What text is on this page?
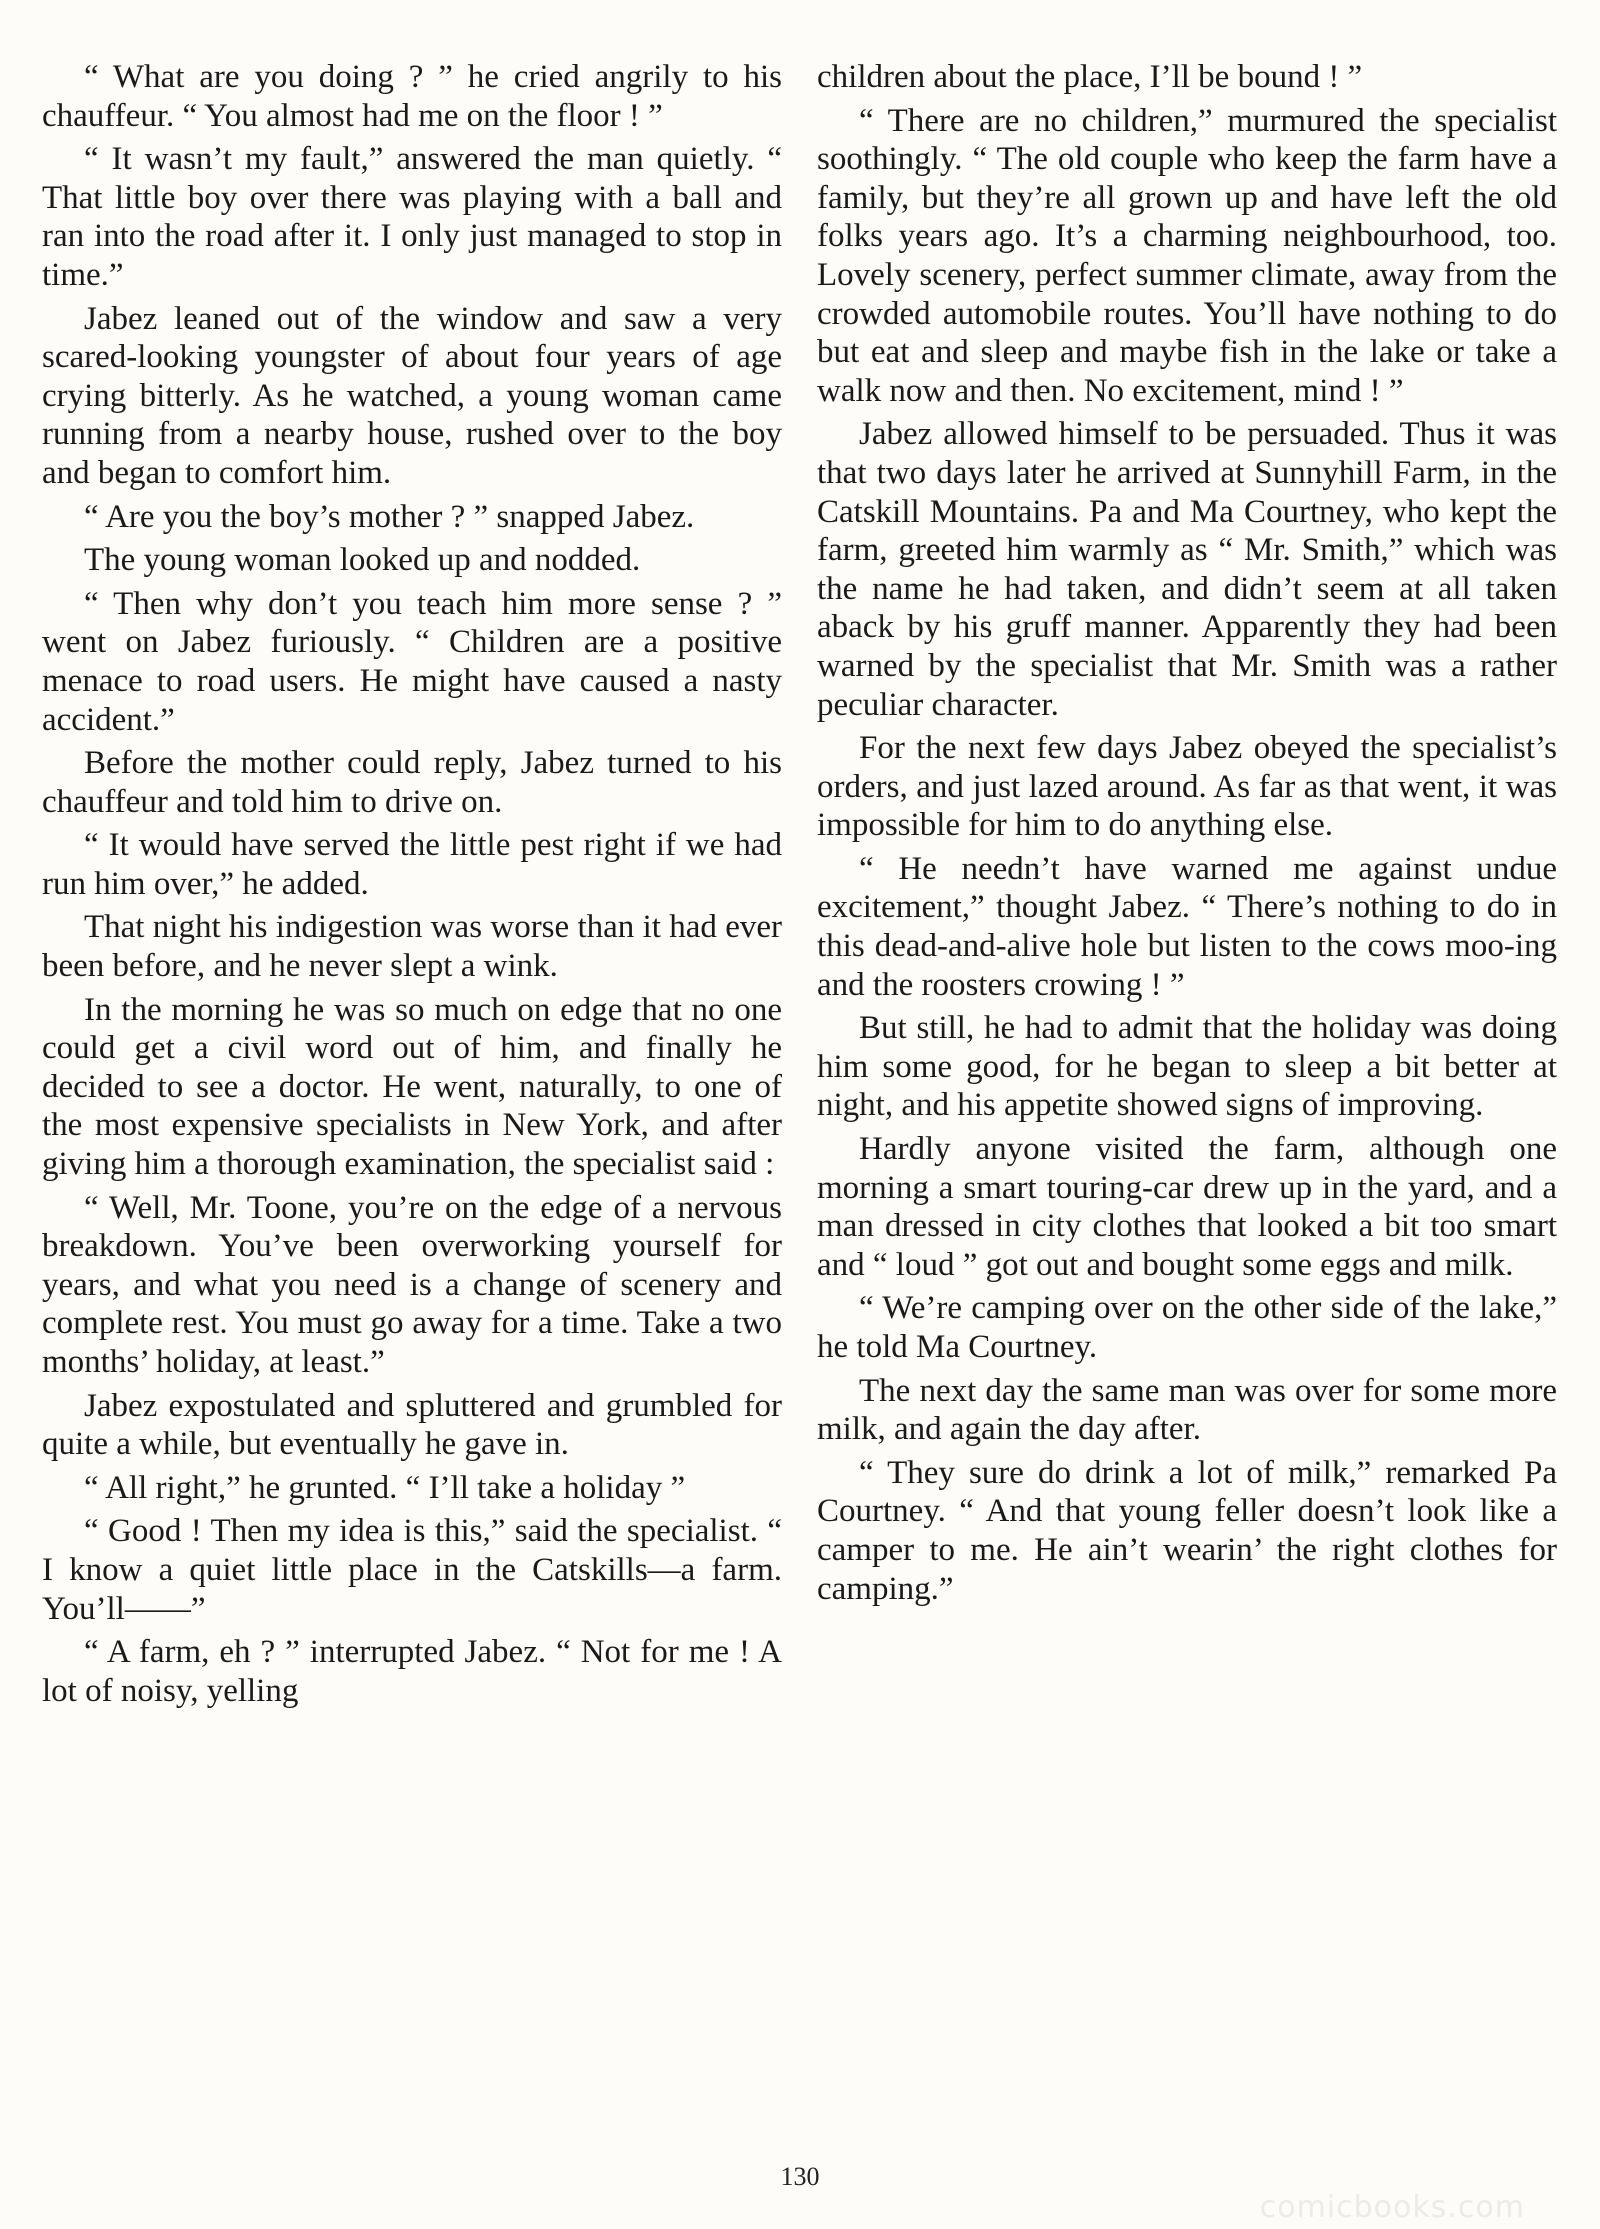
“ What are you doing ? ” he cried angrily to his chauffeur. “ You almost had me on the floor ! ”

“ It wasn’t my fault,” answered the man quietly. “ That little boy over there was playing with a ball and ran into the road after it. I only just managed to stop in time.”

Jabez leaned out of the window and saw a very scared-looking youngster of about four years of age crying bitterly. As he watched, a young woman came running from a nearby house, rushed over to the boy and began to comfort him.

“ Are you the boy’s mother ? ” snapped Jabez.

The young woman looked up and nodded.

“ Then why don’t you teach him more sense ? ” went on Jabez furiously. “ Children are a positive menace to road users. He might have caused a nasty accident.”

Before the mother could reply, Jabez turned to his chauffeur and told him to drive on.

“ It would have served the little pest right if we had run him over,” he added.

That night his indigestion was worse than it had ever been before, and he never slept a wink.

In the morning he was so much on edge that no one could get a civil word out of him, and finally he decided to see a doctor. He went, naturally, to one of the most expensive specialists in New York, and after giving him a thorough examination, the specialist said :

“ Well, Mr. Toone, you’re on the edge of a nervous breakdown. You’ve been overworking yourself for years, and what you need is a change of scenery and complete rest. You must go away for a time. Take a two months’ holiday, at least.”

Jabez expostulated and spluttered and grumbled for quite a while, but eventually he gave in.

“ All right,” he grunted. “ I’ll take a holiday ”

“ Good ! Then my idea is this,” said the specialist. “ I know a quiet little place in the Catskills—a farm. You’ll——”

“ A farm, eh ? ” interrupted Jabez. “ Not for me ! A lot of noisy, yelling

children about the place, I’ll be bound ! ”

“ There are no children,” murmured the specialist soothingly. “ The old couple who keep the farm have a family, but they’re all grown up and have left the old folks years ago. It’s a charming neighbourhood, too. Lovely scenery, perfect summer climate, away from the crowded automobile routes. You’ll have nothing to do but eat and sleep and maybe fish in the lake or take a walk now and then. No excitement, mind ! ”

Jabez allowed himself to be persuaded. Thus it was that two days later he arrived at Sunnyhill Farm, in the Catskill Mountains. Pa and Ma Courtney, who kept the farm, greeted him warmly as “ Mr. Smith,” which was the name he had taken, and didn’t seem at all taken aback by his gruff manner. Apparently they had been warned by the specialist that Mr. Smith was a rather peculiar character.

For the next few days Jabez obeyed the specialist’s orders, and just lazed around. As far as that went, it was impossible for him to do anything else.

“ He needn’t have warned me against undue excitement,” thought Jabez. “ There’s nothing to do in this dead-and-alive hole but listen to the cows moo-ing and the roosters crowing ! ”

But still, he had to admit that the holiday was doing him some good, for he began to sleep a bit better at night, and his appetite showed signs of improving.

Hardly anyone visited the farm, although one morning a smart touring-car drew up in the yard, and a man dressed in city clothes that looked a bit too smart and “ loud ” got out and bought some eggs and milk.

“ We’re camping over on the other side of the lake,” he told Ma Courtney.

The next day the same man was over for some more milk, and again the day after.

“ They sure do drink a lot of milk,” remarked Pa Courtney. “ And that young feller doesn’t look like a camper to me. He ain’t wearin’ the right clothes for camping.”

130
comicbooks.com
